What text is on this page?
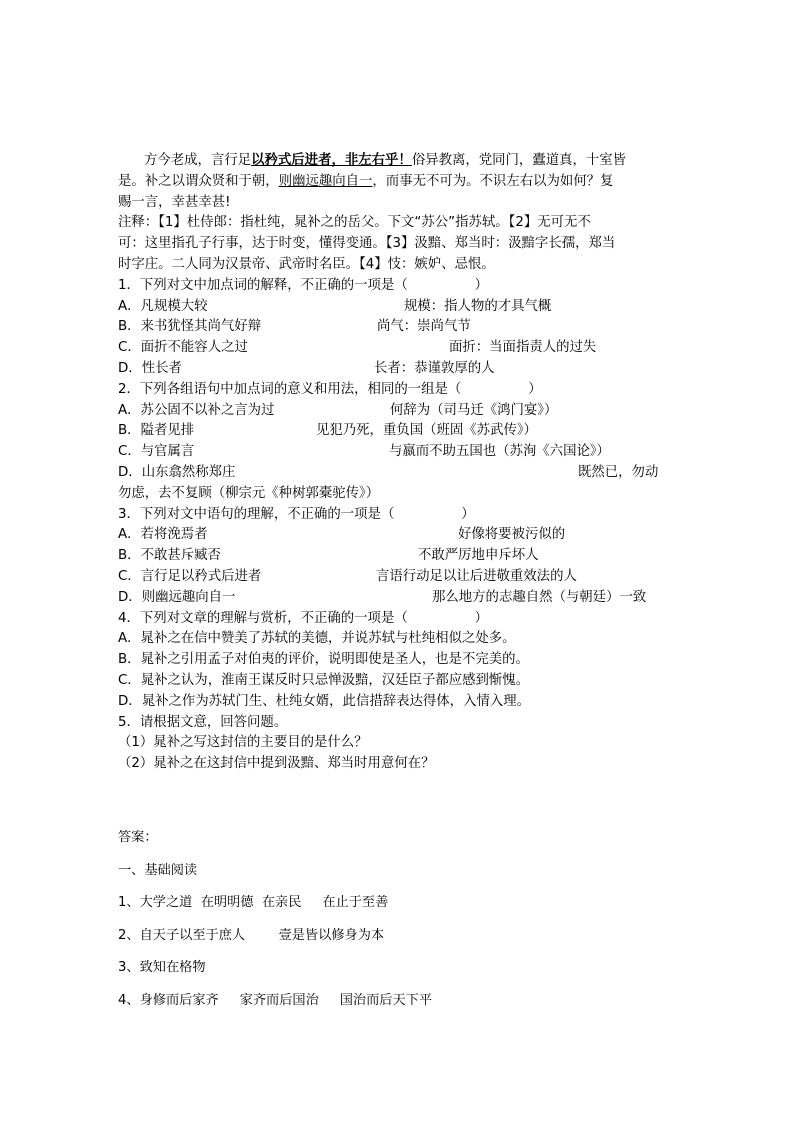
方今老成，言行足以矜式后进者，非左右乎！俗异教离，党同门，蠹道真，十室皆
是。补之以谓众贤和于朝，则幽远趣向自一，而事无不可为。不识左右以为如何？复
赐一言，幸甚幸甚!
注释：【1】杜侍郎：指杜纯，晁补之的岳父。下文“苏公”指苏轼。【2】无可无不
可：这里指孔子行事，达于时变，懂得变通。【3】汲黯、郑当时：汲黯字长孺，郑当
时字庄。二人同为汉景帝、武帝时名臣。【4】忮：嫉妒、忌恨。
1．下列对文中加点词的解释，不正确的一项是（　　　　　）
A．凡规模大较	规模：指人物的才具气概
B．来书犹怪其尚气好辩	尚气：崇尚气节
C．面折不能容人之过	面折：当面指责人的过失
D．性长者	长者：恭谨敦厚的人
2．下列各组语句中加点词的意义和用法，相同的一组是（　　　　　）
A．苏公固不以补之言为过	何辞为（司马迁《鸿门宴》）
B．隘者见排	见犯乃死，重负国（班固《苏武传》）
C．与官属言	与嬴而不助五国也（苏洵《六国论》）
D．山东翕然称郑庄	既然已，勿动
勿虑，去不复顾（柳宗元《种树郭橐驼传》）
3．下列对文中语句的理解，不正确的一项是（　　　　　）
A．若将浼焉者	好像将要被污似的
B．不敢甚斥臧否	不敢严厉地申斥坏人
C．言行足以矜式后进者	言语行动足以让后进敬重效法的人
D．则幽远趣向自一	那么地方的志趣自然（与朝廷）一致
4．下列对文章的理解与赏析，不正确的一项是（　　　　　）
A．晁补之在信中赞美了苏轼的美德，并说苏轼与杜纯相似之处多。
B．晁补之引用孟子对伯夷的评价，说明即使是圣人，也是不完美的。
C．晁补之认为，淮南王谋反时只忌惮汲黯，汉廷臣子都应感到惭愧。
D．晁补之作为苏轼门生、杜纯女婿，此信措辞表达得体，入情入理。
5．请根据文意，回答问题。
（1）晁补之写这封信的主要目的是什么？
（2）晁补之在这封信中提到汲黯、郑当时用意何在？
答案：
一、基础阅读
1、大学之道  在明明德  在亲民     在止于至善
2、自天子以至于庶人        壹是皆以修身为本
3、致知在格物
4、身修而后家齐     家齐而后国治     国治而后天下平
